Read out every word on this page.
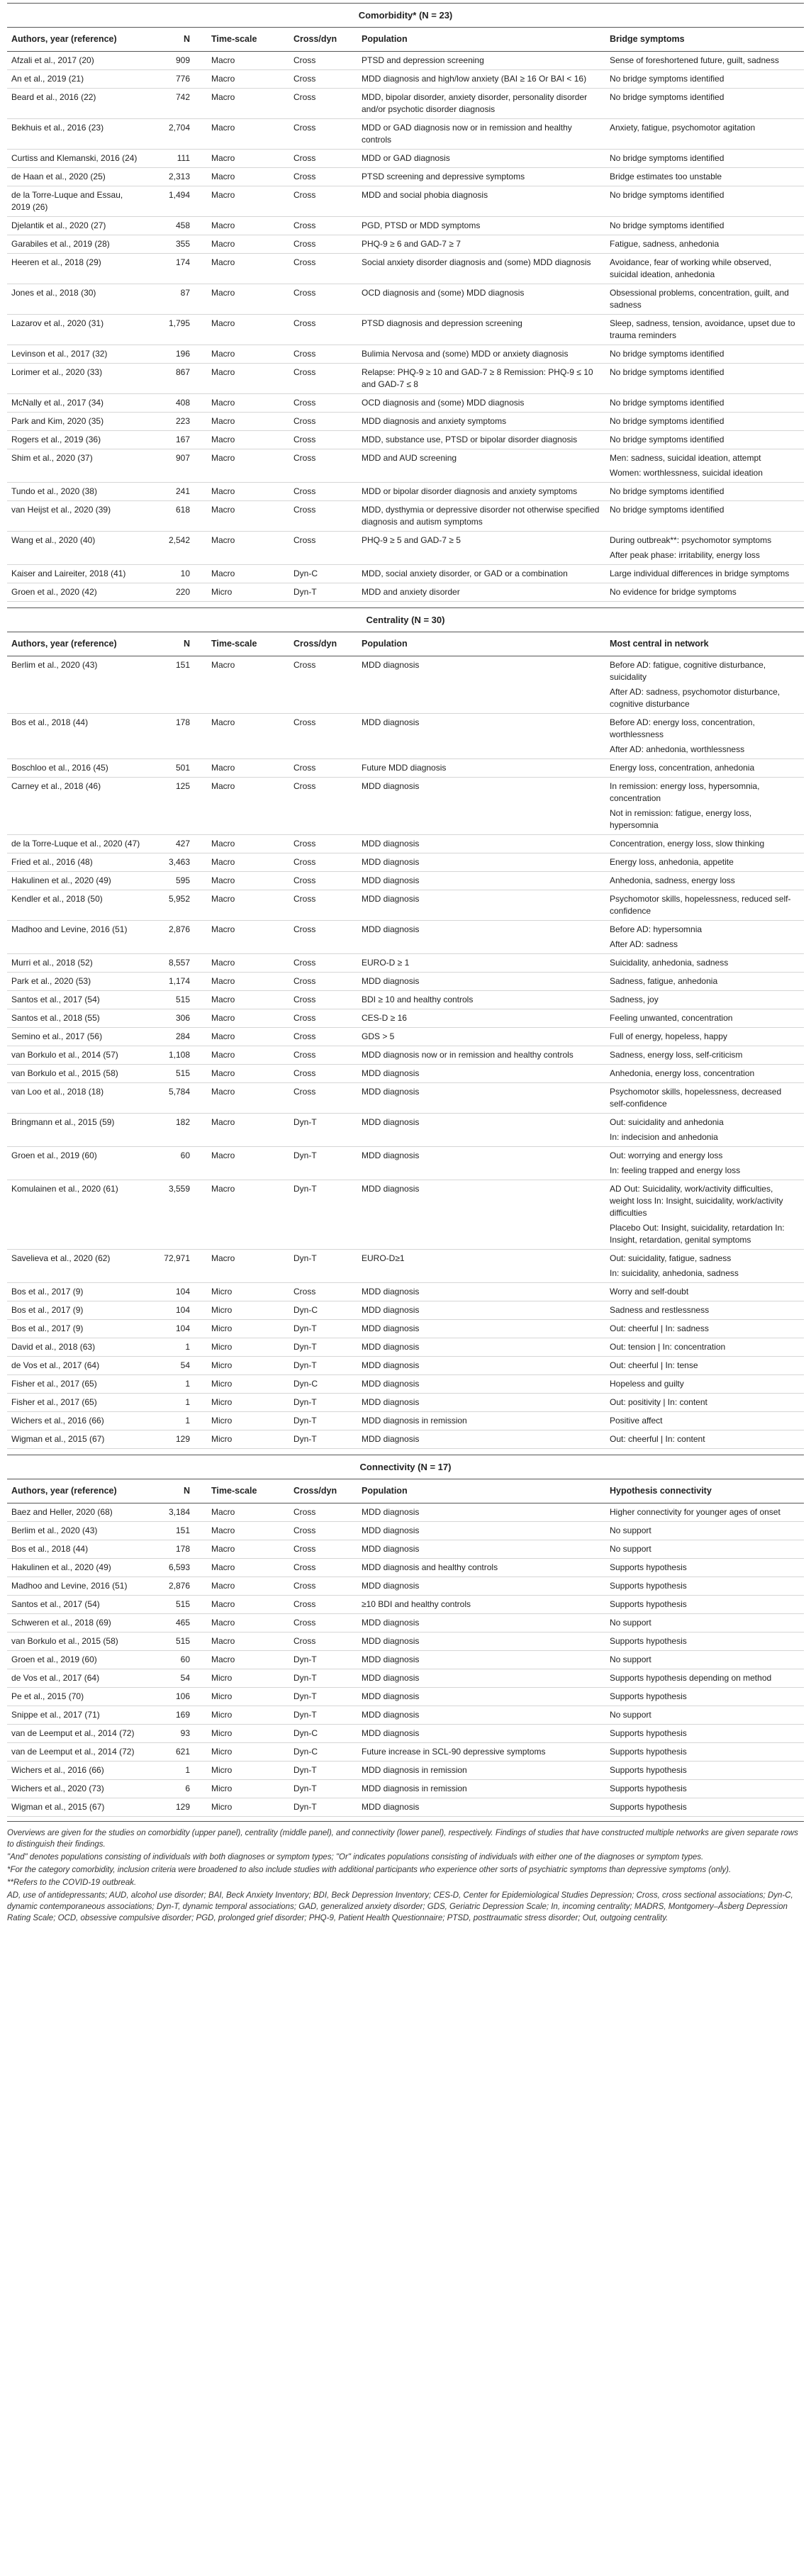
Comorbidity* (N = 23)					
Authors, year (reference)	N	Time-scale	Cross/dyn	Population	Bridge symptoms
Afzali et al., 2017 (20)	909	Macro	Cross	PTSD and depression screening	Sense of foreshortened future, guilt, sadness

An et al., 2019 (21)	776	Macro	Cross	MDD diagnosis and high/low anxiety (BAI ≥ 16 Or BAI < 16)	No bridge symptoms identified

Beard et al., 2016 (22)	742	Macro	Cross	MDD, bipolar disorder, anxiety disorder, personality disorder and/or psychotic disorder diagnosis	No bridge symptoms identified

Bekhuis et al., 2016 (23)	2,704	Macro	Cross	MDD or GAD diagnosis now or in remission and healthy controls	Anxiety, fatigue, psychomotor agitation

Curtiss and Klemanski, 2016 (24)	111	Macro	Cross	MDD or GAD diagnosis	No bridge symptoms identified

de Haan et al., 2020 (25)	2,313	Macro	Cross	PTSD screening and depressive symptoms	Bridge estimates too unstable

de la Torre-Luque and Essau, 2019 (26)	1,494	Macro	Cross	MDD and social phobia diagnosis	No bridge symptoms identified

Djelantik et al., 2020 (27)	458	Macro	Cross	PGD, PTSD or MDD symptoms	No bridge symptoms identified

Garabiles et al., 2019 (28)	355	Macro	Cross	PHQ-9 ≥ 6 and GAD-7 ≥ 7	Fatigue, sadness, anhedonia

Heeren et al., 2018 (29)	174	Macro	Cross	Social anxiety disorder diagnosis and (some) MDD diagnosis	Avoidance, fear of working while observed, suicidal ideation, anhedonia

Jones et al., 2018 (30)	87	Macro	Cross	OCD diagnosis and (some) MDD diagnosis	Obsessional problems, concentration, guilt, and sadness

Lazarov et al., 2020 (31)	1,795	Macro	Cross	PTSD diagnosis and depression screening	Sleep, sadness, tension, avoidance, upset due to trauma reminders

Levinson et al., 2017 (32)	196	Macro	Cross	Bulimia Nervosa and (some) MDD or anxiety diagnosis	No bridge symptoms identified

Lorimer et al., 2020 (33)	867	Macro	Cross	Relapse: PHQ-9 ≥ 10 and GAD-7 ≥ 8 Remission: PHQ-9 ≤ 10 and GAD-7 ≤ 8	No bridge symptoms identified

McNally et al., 2017 (34)	408	Macro	Cross	OCD diagnosis and (some) MDD diagnosis	No bridge symptoms identified

Park and Kim, 2020 (35)	223	Macro	Cross	MDD diagnosis and anxiety symptoms	No bridge symptoms identified

Rogers et al., 2019 (36)	167	Macro	Cross	MDD, substance use, PTSD or bipolar disorder diagnosis	No bridge symptoms identified

Shim et al., 2020 (37)	907	Macro	Cross	MDD and AUD screening	Men: sadness, suicidal ideation, attempt
Women: worthlessness, suicidal ideation

Tundo et al., 2020 (38)	241	Macro	Cross	MDD or bipolar disorder diagnosis and anxiety symptoms	No bridge symptoms identified

van Heijst et al., 2020 (39)	618	Macro	Cross	MDD, dysthymia or depressive disorder not otherwise specified diagnosis and autism symptoms	No bridge symptoms identified

Wang et al., 2020 (40)	2,542	Macro	Cross	PHQ-9 ≥ 5 and GAD-7 ≥ 5	During outbreak**: psychomotor symptoms
After peak phase: irritability, energy loss

Kaiser and Laireiter, 2018 (41)	10	Macro	Dyn-C	MDD, social anxiety disorder, or GAD or a combination	Large individual differences in bridge symptoms

Groen et al., 2020 (42)	220	Micro	Dyn-T	MDD and anxiety disorder	No evidence for bridge symptoms

Centrality (N = 30)					
Authors, year (reference)	N	Time-scale	Cross/dyn	Population	Most central in network
Berlim et al., 2020 (43)	151	Macro	Cross	MDD diagnosis	Before AD: fatigue, cognitive disturbance, suicidality
After AD: sadness, psychomotor disturbance, cognitive disturbance

Bos et al., 2018 (44)	178	Macro	Cross	MDD diagnosis	Before AD: energy loss, concentration, worthlessness
After AD: anhedonia, worthlessness

Boschloo et al., 2016 (45)	501	Macro	Cross	Future MDD diagnosis	Energy loss, concentration, anhedonia

Carney et al., 2018 (46)	125	Macro	Cross	MDD diagnosis	In remission: energy loss, hypersomnia, concentration
Not in remission: fatigue, energy loss, hypersomnia

de la Torre-Luque et al., 2020 (47)	427	Macro	Cross	MDD diagnosis	Concentration, energy loss, slow thinking

Fried et al., 2016 (48)	3,463	Macro	Cross	MDD diagnosis	Energy loss, anhedonia, appetite

Hakulinen et al., 2020 (49)	595	Macro	Cross	MDD diagnosis	Anhedonia, sadness, energy loss

Kendler et al., 2018 (50)	5,952	Macro	Cross	MDD diagnosis	Psychomotor skills, hopelessness, reduced self-confidence

Madhoo and Levine, 2016 (51)	2,876	Macro	Cross	MDD diagnosis	Before AD: hypersomnia
After AD: sadness

Murri et al., 2018 (52)	8,557	Macro	Cross	EURO-D ≥ 1	Suicidality, anhedonia, sadness

Park et al., 2020 (53)	1,174	Macro	Cross	MDD diagnosis	Sadness, fatigue, anhedonia

Santos et al., 2017 (54)	515	Macro	Cross	BDI ≥ 10 and healthy controls	Sadness, joy

Santos et al., 2018 (55)	306	Macro	Cross	CES-D ≥ 16	Feeling unwanted, concentration

Semino et al., 2017 (56)	284	Macro	Cross	GDS > 5	Full of energy, hopeless, happy

van Borkulo et al., 2014 (57)	1,108	Macro	Cross	MDD diagnosis now or in remission and healthy controls	Sadness, energy loss, self-criticism

van Borkulo et al., 2015 (58)	515	Macro	Cross	MDD diagnosis	Anhedonia, energy loss, concentration

van Loo et al., 2018 (18)	5,784	Macro	Cross	MDD diagnosis	Psychomotor skills, hopelessness, decreased self-confidence

Bringmann et al., 2015 (59)	182	Macro	Dyn-T	MDD diagnosis	Out: suicidality and anhedonia
In: indecision and anhedonia

Groen et al., 2019 (60)	60	Macro	Dyn-T	MDD diagnosis	Out: worrying and energy loss
In: feeling trapped and energy loss

Komulainen et al., 2020 (61)	3,559	Macro	Dyn-T	MDD diagnosis	AD Out: Suicidality, work/activity difficulties, weight loss In: Insight, suicidality, work/activity difficulties
Placebo Out: Insight, suicidality, retardation In: Insight, retardation, genital symptoms

Savelieva et al., 2020 (62)	72,971	Macro	Dyn-T	EURO-D≥1	Out: suicidality, fatigue, sadness
In: suicidality, anhedonia, sadness

Bos et al., 2017 (9)	104	Micro	Cross	MDD diagnosis	Worry and self-doubt

Bos et al., 2017 (9)	104	Micro	Dyn-C	MDD diagnosis	Sadness and restlessness

Bos et al., 2017 (9)	104	Micro	Dyn-T	MDD diagnosis	Out: cheerful | In: sadness

David et al., 2018 (63)	1	Micro	Dyn-T	MDD diagnosis	Out: tension | In: concentration

de Vos et al., 2017 (64)	54	Micro	Dyn-T	MDD diagnosis	Out: cheerful | In: tense

Fisher et al., 2017 (65)	1	Micro	Dyn-C	MDD diagnosis	Hopeless and guilty

Fisher et al., 2017 (65)	1	Micro	Dyn-T	MDD diagnosis	Out: positivity | In: content

Wichers et al., 2016 (66)	1	Micro	Dyn-T	MDD diagnosis in remission	Positive affect

Wigman et al., 2015 (67)	129	Micro	Dyn-T	MDD diagnosis	Out: cheerful | In: content

Connectivity (N = 17)					
Authors, year (reference)	N	Time-scale	Cross/dyn	Population	Hypothesis connectivity
Baez and Heller, 2020 (68)	3,184	Macro	Cross	MDD diagnosis	Higher connectivity for younger ages of onset

Berlim et al., 2020 (43)	151	Macro	Cross	MDD diagnosis	No support

Bos et al., 2018 (44)	178	Macro	Cross	MDD diagnosis	No support

Hakulinen et al., 2020 (49)	6,593	Macro	Cross	MDD diagnosis and healthy controls	Supports hypothesis

Madhoo and Levine, 2016 (51)	2,876	Macro	Cross	MDD diagnosis	Supports hypothesis

Santos et al., 2017 (54)	515	Macro	Cross	≥10 BDI and healthy controls	Supports hypothesis

Schweren et al., 2018 (69)	465	Macro	Cross	MDD diagnosis	No support

van Borkulo et al., 2015 (58)	515	Macro	Cross	MDD diagnosis	Supports hypothesis

Groen et al., 2019 (60)	60	Macro	Dyn-T	MDD diagnosis	No support

de Vos et al., 2017 (64)	54	Micro	Dyn-T	MDD diagnosis	Supports hypothesis depending on method

Pe et al., 2015 (70)	106	Micro	Dyn-T	MDD diagnosis	Supports hypothesis

Snippe et al., 2017 (71)	169	Micro	Dyn-T	MDD diagnosis	No support

van de Leemput et al., 2014 (72)	93	Micro	Dyn-C	MDD diagnosis	Supports hypothesis

van de Leemput et al., 2014 (72)	621	Micro	Dyn-C	Future increase in SCL-90 depressive symptoms	Supports hypothesis

Wichers et al., 2016 (66)	1	Micro	Dyn-T	MDD diagnosis in remission	Supports hypothesis

Wichers et al., 2020 (73)	6	Micro	Dyn-T	MDD diagnosis in remission	Supports hypothesis

Wigman et al., 2015 (67)	129	Micro	Dyn-T	MDD diagnosis	Supports hypothesis

Overviews are given for the studies on comorbidity (upper panel), centrality (middle panel), and connectivity (lower panel), respectively. Findings of studies that have constructed multiple networks are given separate rows to distinguish their findings.

"And" denotes populations consisting of individuals with both diagnoses or symptom types; "Or" indicates populations consisting of individuals with either one of the diagnoses or symptom types.

*For the category comorbidity, inclusion criteria were broadened to also include studies with additional participants who experience other sorts of psychiatric symptoms than depressive symptoms (only).

**Refers to the COVID-19 outbreak.

AD, use of antidepressants; AUD, alcohol use disorder; BAI, Beck Anxiety Inventory; BDI, Beck Depression Inventory; CES-D, Center for Epidemiological Studies Depression; Cross, cross sectional associations; Dyn-C, dynamic contemporaneous associations; Dyn-T, dynamic temporal associations; GAD, generalized anxiety disorder; GDS, Geriatric Depression Scale; In, incoming centrality; MADRS, Montgomery–Åsberg Depression Rating Scale; OCD, obsessive compulsive disorder; PGD, prolonged grief disorder; PHQ-9, Patient Health Questionnaire; PTSD, posttraumatic stress disorder; Out, outgoing centrality.
